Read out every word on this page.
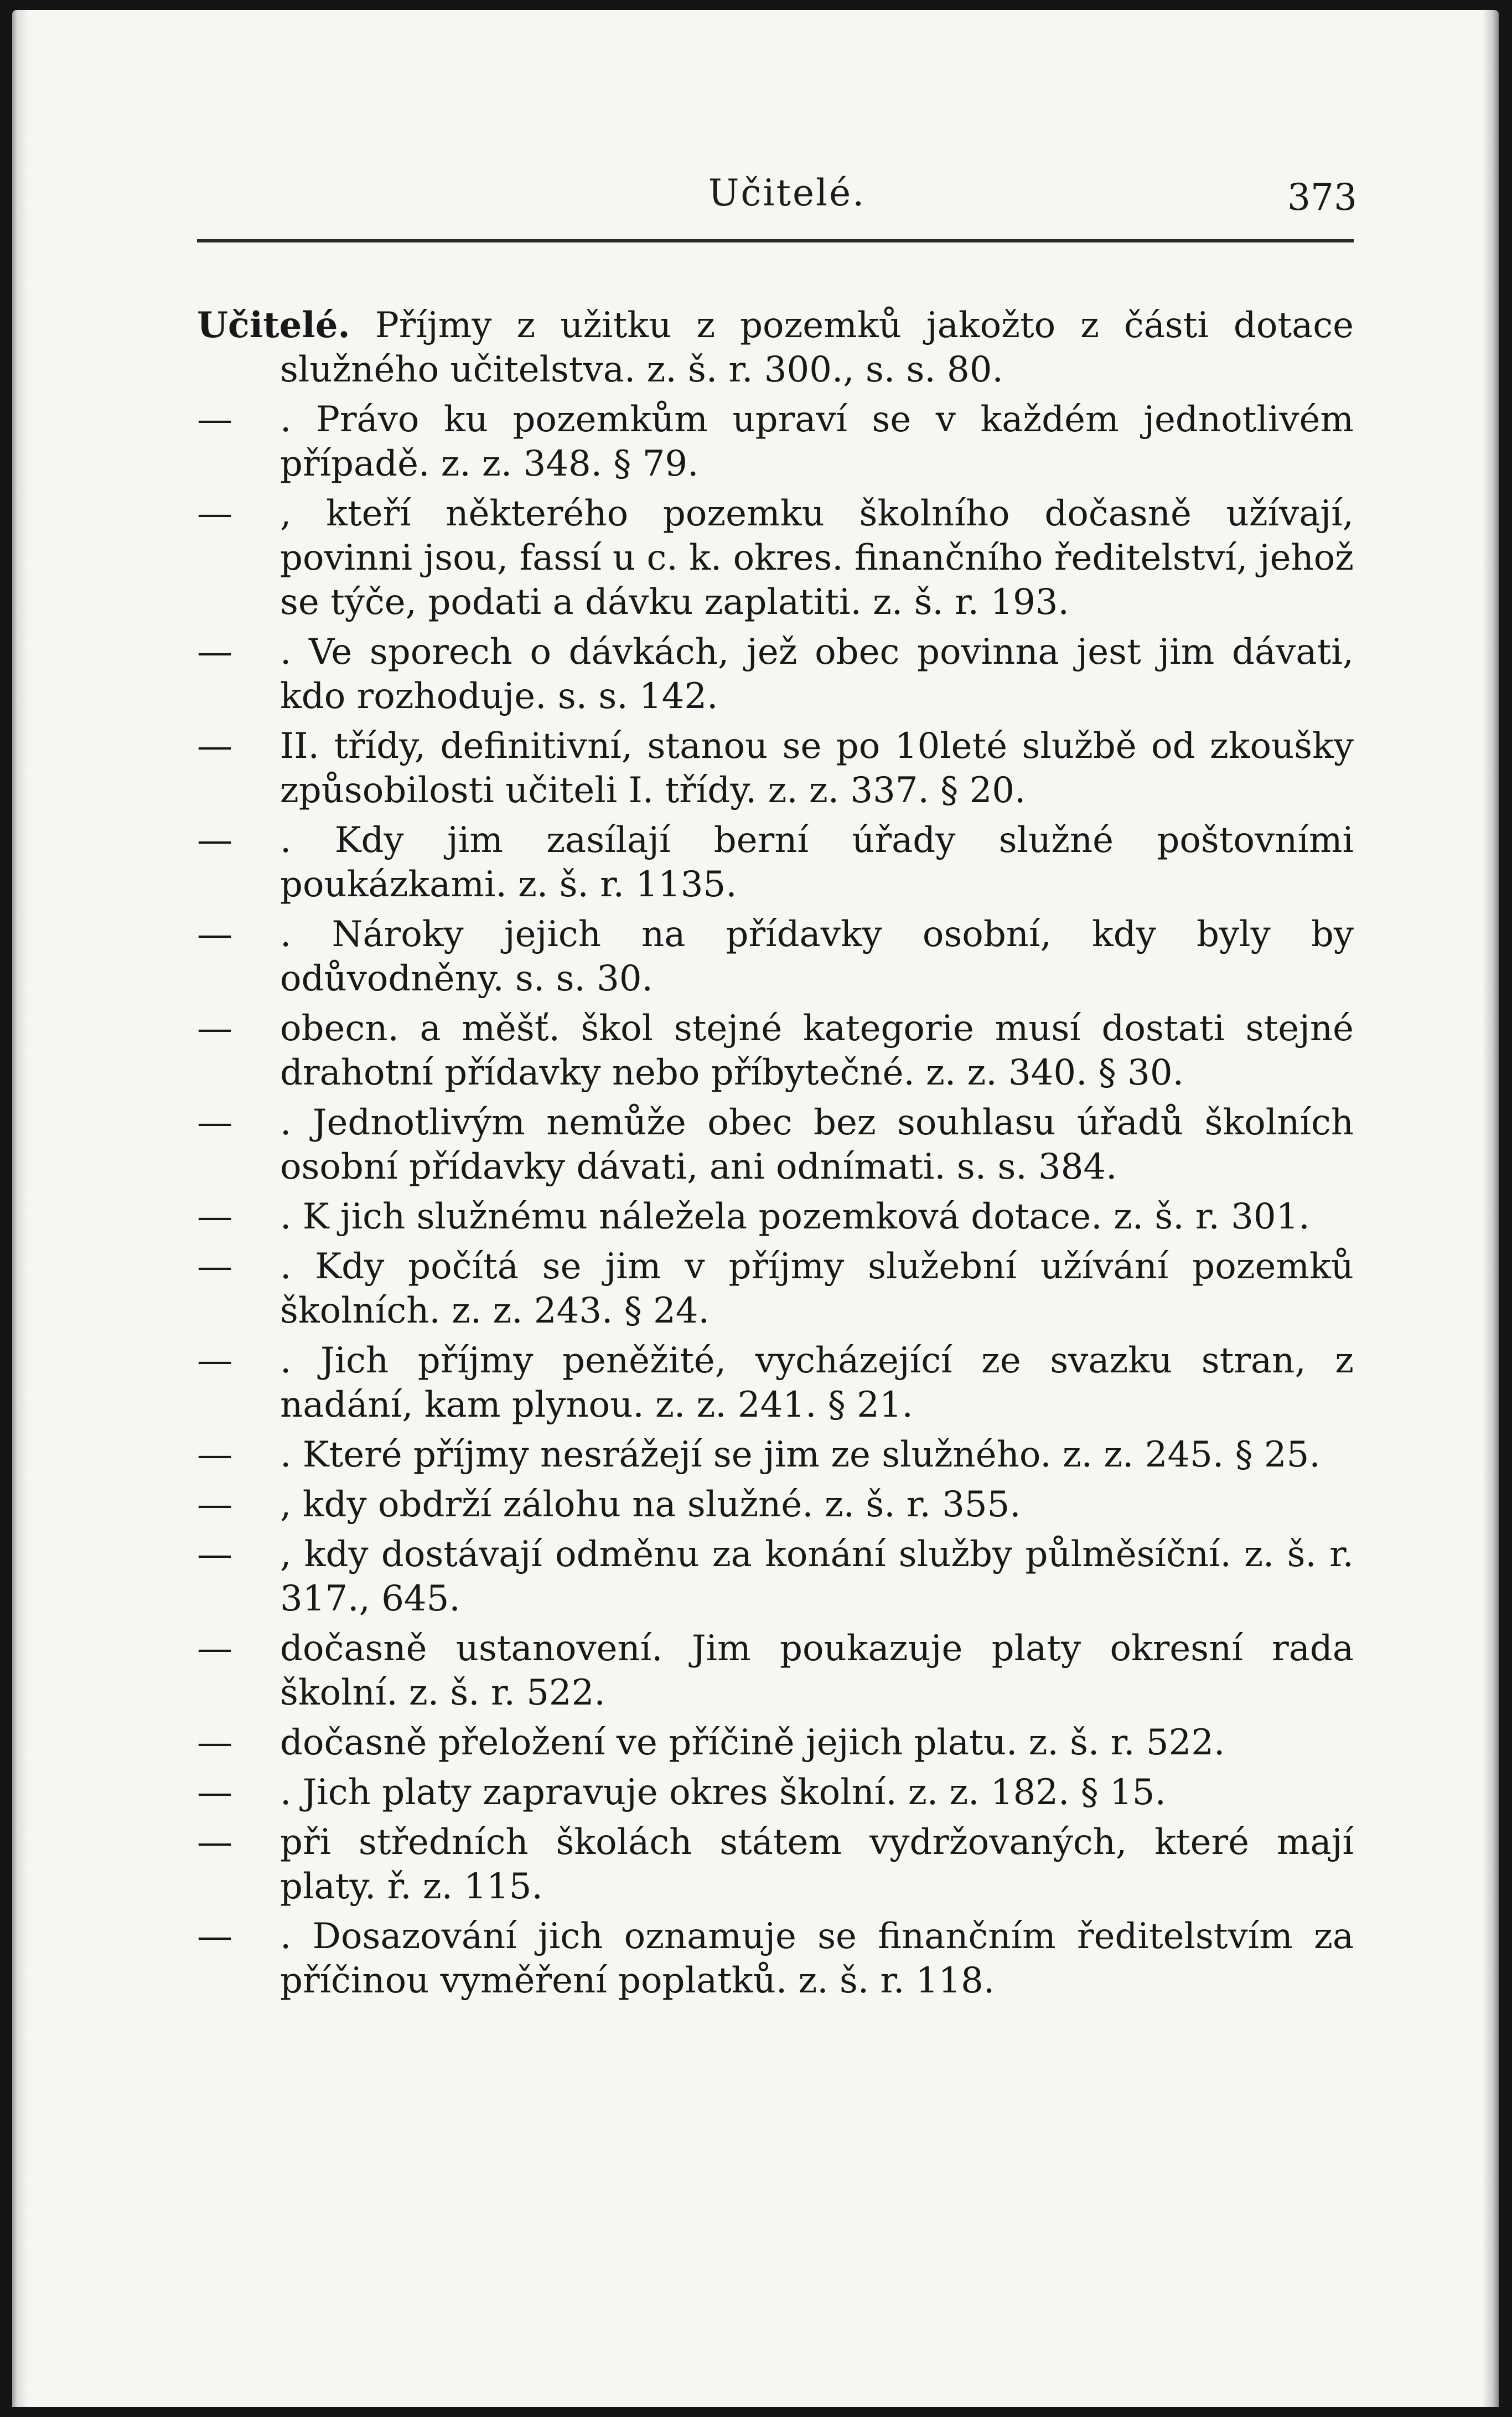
Učitelé.	373

Učitelé. Příjmy z užitku z pozemků jakožto z části dotace služného učitelstva. z. š. r. 300., s. s. 80.

— . Právo ku pozemkům upraví se v každém jednotlivém případě. z. z. 348. § 79.

— , kteří některého pozemku školního dočasně užívají, povinni jsou, fassí u c. k. okres. finančního ředitelství, jehož se týče, podati a dávku zaplatiti. z. š. r. 193.

— . Ve sporech o dávkách, jež obec povinna jest jim dávati, kdo rozhoduje. s. s. 142.

— II. třídy, definitivní, stanou se po 10leté službě od zkoušky způsobilosti učiteli I. třídy. z. z. 337. § 20.

— . Kdy jim zasílají berní úřady služné poštovními poukázkami. z. š. r. 1135.

— . Nároky jejich na přídavky osobní, kdy byly by odůvodněny. s. s. 30.

— obecn. a měšť. škol stejné kategorie musí dostati stejné drahotní přídavky nebo příbytečné. z. z. 340. § 30.

— . Jednotlivým nemůže obec bez souhlasu úřadů školních osobní přídavky dávati, ani odnímati. s. s. 384.

— . K jich služnému náležela pozemková dotace. z. š. r. 301.

— . Kdy počítá se jim v příjmy služební užívání pozemků školních. z. z. 243. § 24.

— . Jich příjmy peněžité, vycházející ze svazku stran, z nadání, kam plynou. z. z. 241. § 21.

— . Které příjmy nesrážejí se jim ze služného. z. z. 245. § 25.

— , kdy obdrží zálohu na služné. z. š. r. 355.

— , kdy dostávají odměnu za konání služby půlměsíční. z. š. r. 317., 645.

— dočasně ustanovení. Jim poukazuje platy okresní rada školní. z. š. r. 522.

— dočasně přeložení ve příčině jejich platu. z. š. r. 522.

— . Jich platy zapravuje okres školní. z. z. 182. § 15.

— při středních školách státem vydržovaných, které mají platy. ř. z. 115.

— . Dosazování jich oznamuje se finančním ředitelstvím za příčinou vyměření poplatků. z. š. r. 118.
